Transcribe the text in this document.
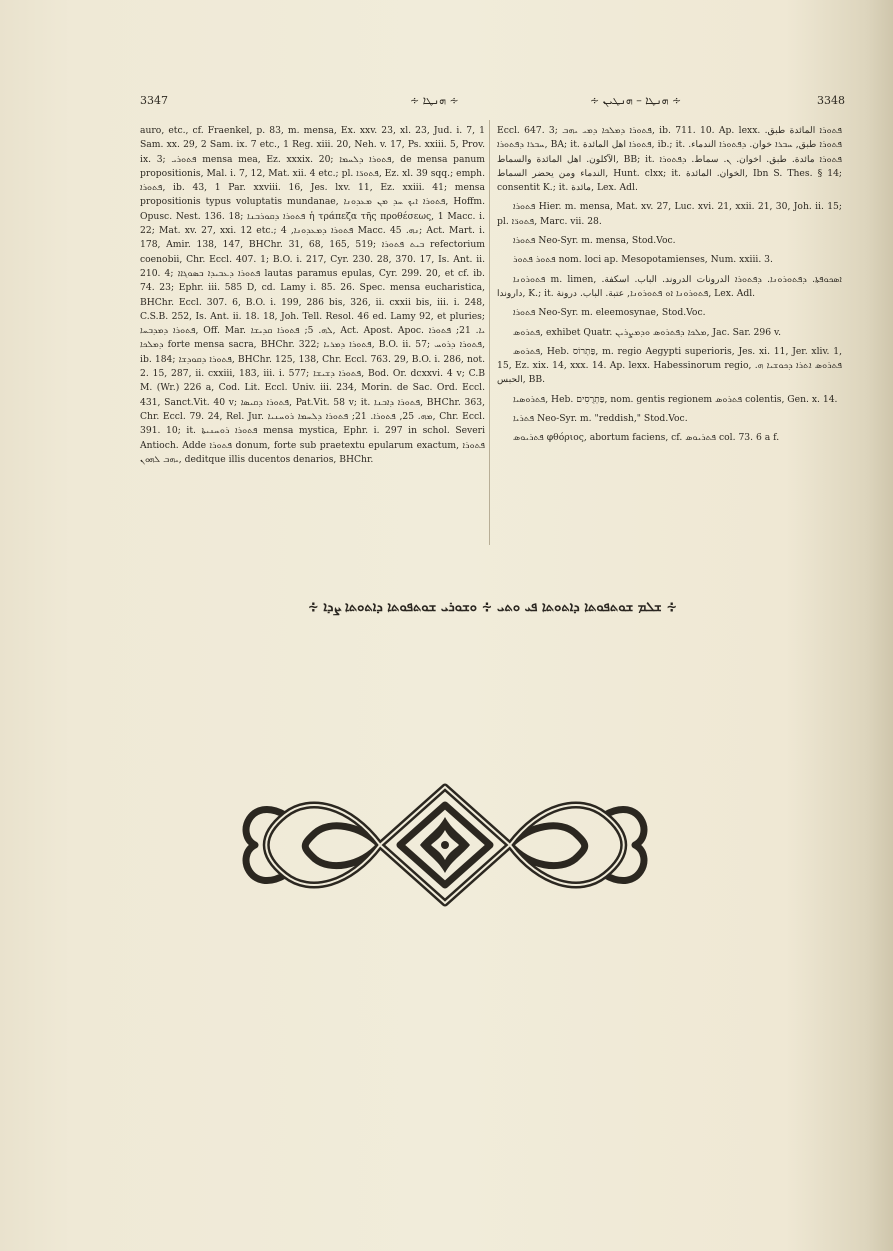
3347	∻ ܗܢܛܐ ∻	∻ ܗܢܛܐ – ܗܢܛܝܢ ∻	3348

auro, etc., cf. Fraenkel, p. 83, m. mensa, Ex. xxv. 23, xl. 23, Jud. i. 7, 1 Sam. xx. 29, 2 Sam. ix. 7 etc., 1 Reg. xiii. 20, Neh. v. 17, Ps. xxiii. 5, Prov. ix. 3; ܦܬܘܪܝ mensa mea, Ez. xxxix. 20; ܦܬܘܪܐ ܕܠܚܡܐ, de mensa panum propositionis, Mal. i. 7, 12, Mat. xii. 4 etc.; pl. ܦܬܘܪ̈ܐ, Ez. xl. 39 sqq.; emph. ܦܬܘܪܐ, ib. 43, 1 Par. xxviii. 16, Jes. lxv. 11, Ez. xxiii. 41; mensa propositionis typus voluptatis mundanae, ܦܬܘܪܐ ܐܝܟ ܚܕ ܡܢ ܡܥܕܘܢܐ, Hoffm. Opusc. Nest. 136. 18; ܦܬܘܪܐ ܕܩܘܪܒܢܐ ἡ τράπεζα τῆς προθέσεως, 1 Macc. i. 22; Mat. xv. 27, xxi. 12 etc.; ܦܬܘܪܐ ܕܡܥܕܘܢܐ, 4 Macc. ܢܗ. 45; Act. Mart. i. 178, Amir. 138, 147, BHChr. 31, 68, 165, 519; ܒܝܬ ܦܬܘܪܐ refectorium coenobii, Chr. Eccl. 407. 1; B.O. i. 217, Cyr. 230. 28, 370. 17, Is. Ant. ii. 210. 4; ܦܬܘܪܐ ܕܥܒܝܕܐ ܒܣܘܓܐܐ lautas paramus epulas, Cyr. 299. 20, et cf. ib. 74. 23; Ephr. iii. 585 D, cd. Lamy i. 85. 26. Spec. mensa eucharistica, BHChr. Eccl. 307. 6, B.O. i. 199, 286 bis, 326, ii. cxxii bis, iii. i. 248, C.S.B. 252, Is. Ant. ii. 18. 18, Joh. Tell. Resol. 46 ed. Lamy 92, et pluries; ܦܬܘܪܐ ܕܡܕܒܚܐ, Off. Mar. ܠܗ. 5; ܦܬܘܪܐ ܩܕܝܫܐ, Act. Apost. Apoc. ܝܐ. 21; ܦܬܘܪܐ ܕܡܠܟܐ forte mensa sacra, BHChr. 322; ܦܬܘܪܐ ܕܡܪܝܐ, B.O. ii. 57; ܦܬܘܪܐ ܕܪܘܚ, ib. 184; ܦܬܘܪܐ ܕܩܘܕܫܐ, BHChr. 125, 138, Chr. Eccl. 763. 29, B.O. i. 286, not. 2. 15, 287, ii. cxxiii, 183, iii. i. 577; ܦܬܘܪܐ ܕܫܝܫܐ, Bod. Or. dcxxvi. 4 v; C.B M. (Wr.) 226 a, Cod. Lit. Eccl. Univ. iii. 234, Morin. de Sac. Ord. Eccl. 431, Sanct.Vit. 40 v; ܦܬܘܪܐ ܕܩܝܣܐ, Pat.Vit. 58 v; it. ܦܬܘܪܐ ܕܐܒܢܐ, BHChr. 363, Chr. Eccl. 79. 24, Rel. Jur. ܡܗ. 25, ܦܬܘܪܐ. 21; ܦܬܘܪܐ ܕܠܚܡܐ ܪܘܚܢܝܐ, Chr. Eccl. 391. 10; it. ܦܬܘܪܐ ܪܘܚܢܝܬܐ mensa mystica, Ephr. i. 297 in schol. Severi Antioch. Adde ܦܬܘܪܐ donum, forte sub praetextu epularum exactum, ܦܬܘܪܐ ܝܗܒ ܠܗܘܢ, deditque illis ducentos denarios, BHChr.

Eccl. 647. 3; ܦܬܘܪܐ ܕܡܠܟܐ ܕܡܝ ܝܗܒ, ib. 711. 10. Ap. lexx. ܦܬܘܪܐ المائدة طبق. ܚܒܪܐ ܕܦܬܘܪܐ, BA; it. ܦܬܘܪܐ اهل المائدة, ib.; it. ܦܬܘܪܐ طبق, ܚܒܪܐ خوان. ܕܦܬܘܪܐ الندماء. الآكلون. اهل المائدة والسماط, BB; it. ܦܬܘܪܐ مائدة. طبق. اخوان. ܢ. سماط. ܕܦܬܘܪܐ الندماء ومن يحضر السماط, Hunt. clxx; it. الخوان. المائدة, Ibn S. Thes. § 14; consentit K.; it. مائدة, Lex. Adl.

ܦܬܘܪܐ Hier. m. mensa, Mat. xv. 27, Luc. xvi. 21, xxii. 21, 30, Joh. ii. 15; pl. ܦܬܘܪ̈ܐ, Marc. vii. 28.

ܦܬܘܪܐ Neo-Syr. m. mensa, Stod.Voc.

ܦܬܘܪ ܦܬܘܪ nom. loci ap. Mesopotamienses, Num. xxiii. 3.

ܦܬܘܪܘܢܐ m. limen, ܐܣܟܘܦܬܐ. ܕܦܬܘܪܘܢܐ. ܕܦܬܘܪܐ الدرونات الدروند. الباب. اسكفة. داروندا, K.; it. ܦܬܘܪܘܢܐ ܐܘ ܦܬܘܪܘܢܐ, عتبة. الباب. درونة, Lex. Adl.

ܦܬܘܪܐ Neo-Syr. m. eleemosynae, Stod.Voc.

ܦܬܪܘܣ, exhibet Quatr. ܡܠܟܐ ܕܦܬܪܘܣ ܘܕܡܨܪܝܢ, Jac. Sar. 296 v.

ܦܬܪܘܣ, Heb. פַּתְרוֹס, m. regio Aegypti superioris, Jes. xi. 11, Jer. xliv. 1, 15, Ez. xix. 14, xxx. 14. Ap. lexx. Habessinorum regio, ܦܬܪܘܣ ܐܬܪܐ ܕܟܘܫܝܐ ܗ. الحبس, BB.

ܦܬܪܘܣܝܐ, Heb. פַּתְרֻסִים, nom. gentis regionem ܦܬܪܘܣ colentis, Gen. x. 14.

ܦܬܪܝܐ Neo-Syr. m. "reddish," Stod.Voc.

ܦܬܪܝܘܣ φθόριος, abortum faciens, cf. ܦܬܪܝܘܣ col. 73. 6 a f.

∻ ܫܠܡ ܫܘܬܦܘܬܐ ܕܐܬܘܬܐ ܦܝ ܘܬܝ ∻ ܘܫܘܪܝ ܫܘܬܦܘܬܐ ܕܐܬܘܬܐ ܨܕܐ ∻
